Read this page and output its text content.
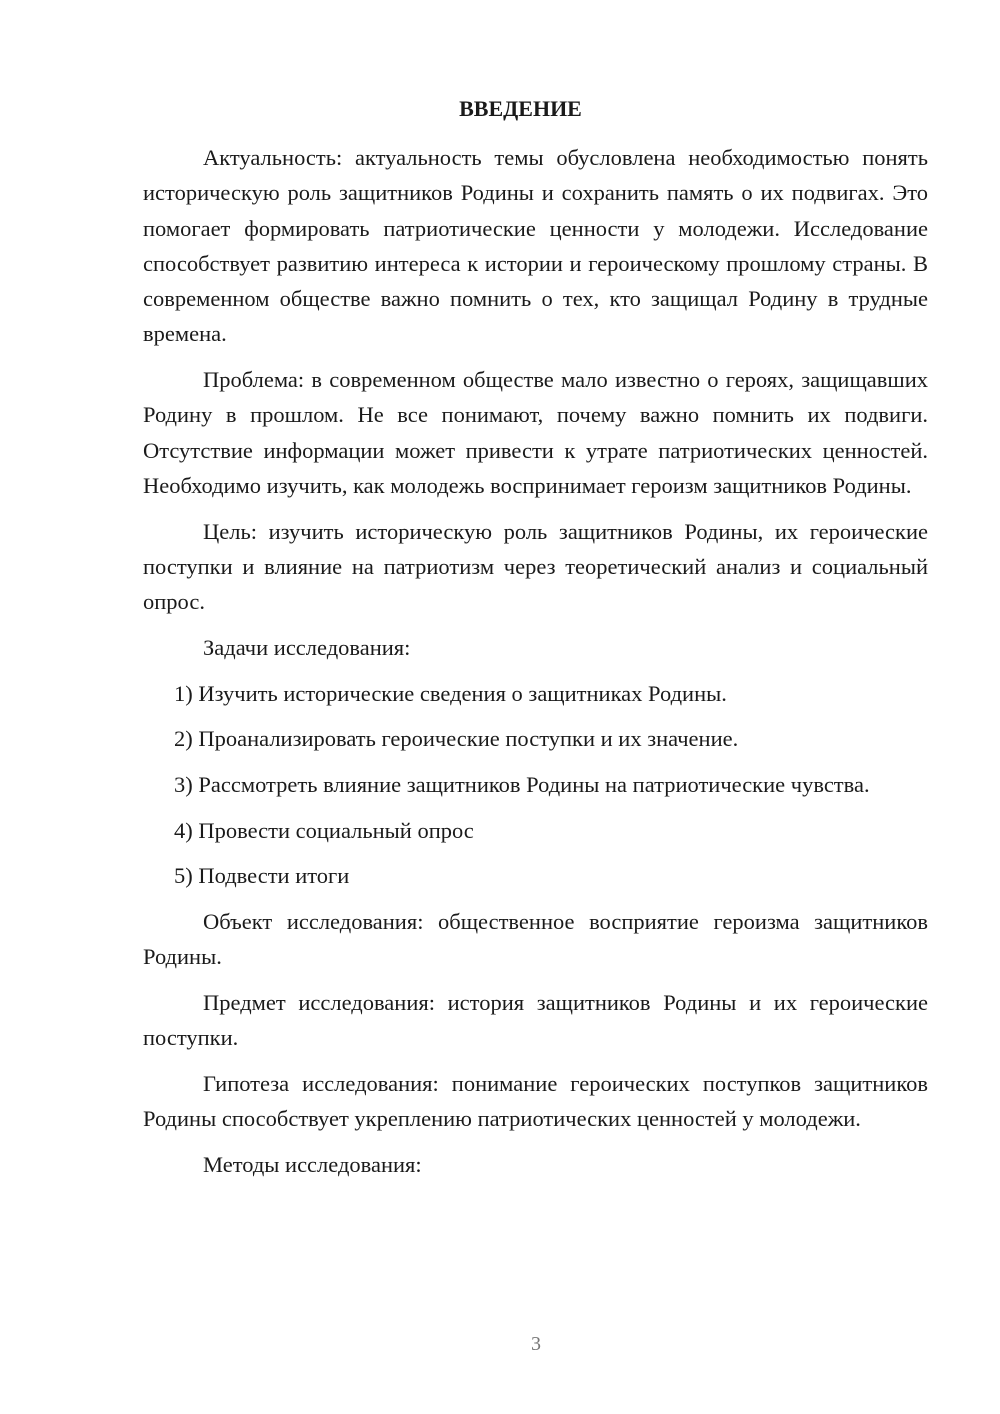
ВВЕДЕНИЕ

Актуальность: актуальность темы обусловлена необходимостью понять историческую роль защитников Родины и сохранить память о их подвигах. Это помогает формировать патриотические ценности у молодежи. Исследование способствует развитию интереса к истории и героическому прошлому страны. В современном обществе важно помнить о тех, кто защищал Родину в трудные времена.

Проблема: в современном обществе мало известно о героях, защищавших Родину в прошлом. Не все понимают, почему важно помнить их подвиги. Отсутствие информации может привести к утрате патриотических ценностей. Необходимо изучить, как молодежь воспринимает героизм защитников Родины.

Цель: изучить историческую роль защитников Родины, их героические поступки и влияние на патриотизм через теоретический анализ и социальный опрос.

Задачи исследования:

1) Изучить исторические сведения о защитниках Родины.

2) Проанализировать героические поступки и их значение.

3) Рассмотреть влияние защитников Родины на патриотические чувства.

4) Провести социальный опрос

5) Подвести итоги

Объект исследования: общественное восприятие героизма защитников Родины.

Предмет исследования: история защитников Родины и их героические поступки.

Гипотеза исследования: понимание героических поступков защитников Родины способствует укреплению патриотических ценностей у молодежи.

Методы исследования:

3
